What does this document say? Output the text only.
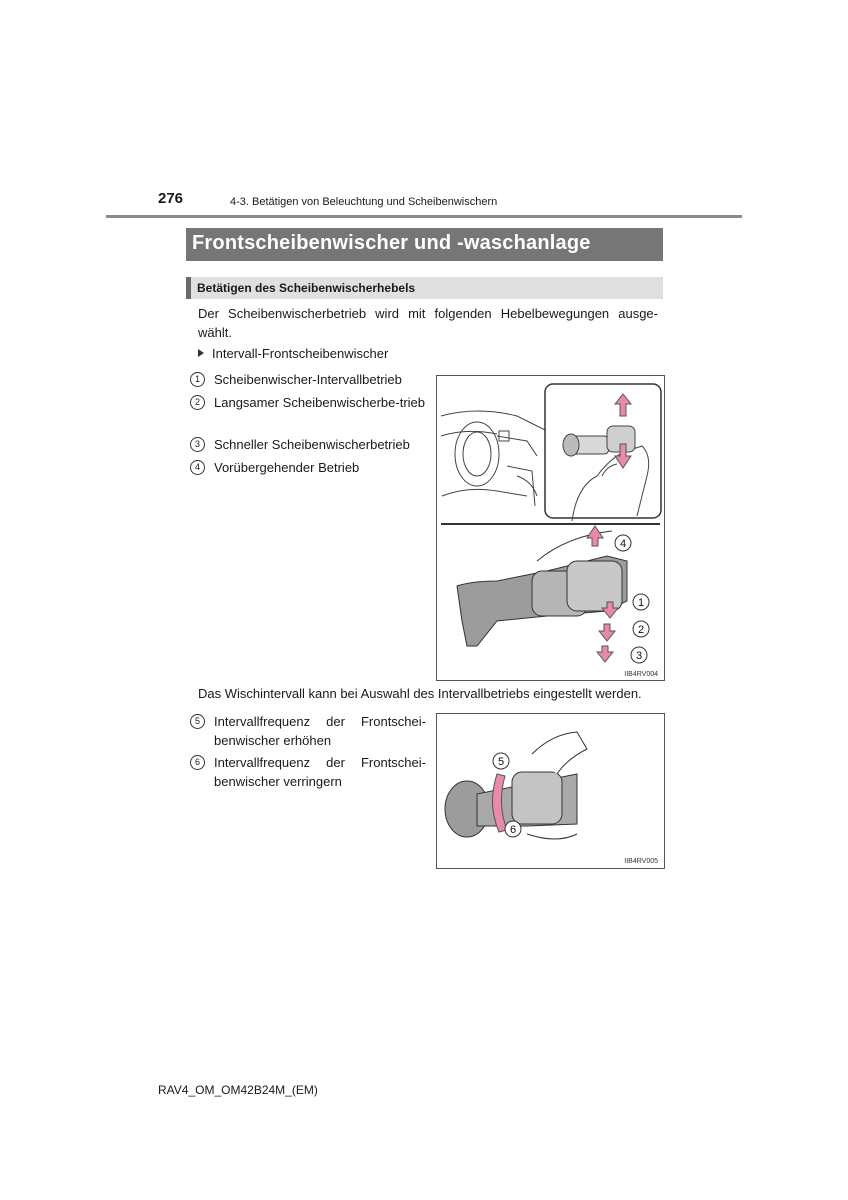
276	4-3. Betätigen von Beleuchtung und Scheibenwischern
Frontscheibenwischer und -waschanlage
Betätigen des Scheibenwischerhebels
Der Scheibenwischerbetrieb wird mit folgenden Hebelbewegungen ausge-wählt.
Intervall-Frontscheibenwischer
1	Scheibenwischer-Intervallbetrieb
2	Langsamer Scheibenwischerbe-trieb
3	Schneller Scheibenwischerbetrieb
4	Vorübergehender Betrieb
4
1
2
3
IIB4RV004
Das Wischintervall kann bei Auswahl des Intervallbetriebs eingestellt werden.
5	Intervallfrequenz der Frontschei-benwischer erhöhen
6	Intervallfrequenz der Frontschei-benwischer verringern
5
6
IIB4RV005
RAV4_OM_OM42B24M_(EM)
